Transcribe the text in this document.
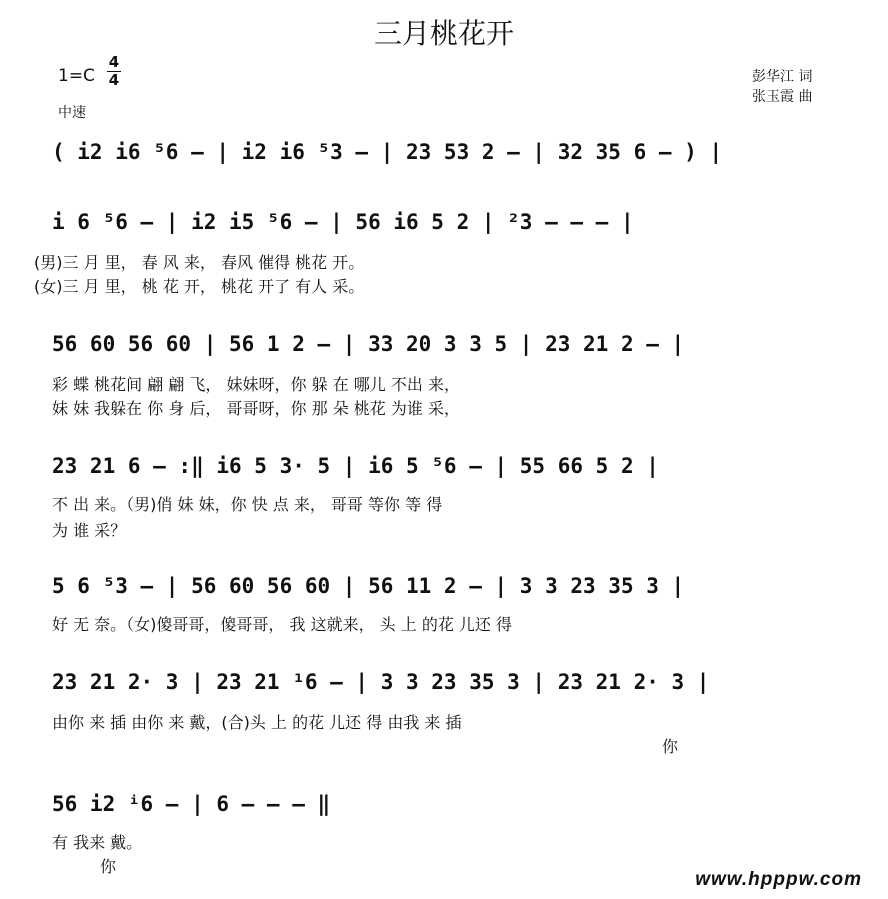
三月桃花开
1=C
4
4
中速
彭华江 词
张玉霞 曲
( i2 i6 ⁵6 – | i2 i6 ⁵3 – | 23 53 2 – | 32 35 6 – ) |
i 6 ⁵6 – | i2 i5 ⁵6 – | 56 i6 5 2 | ²3 – – – |
(男)三 月 里， 春 风 来， 春风 催得 桃花 开。
(女)三 月 里， 桃 花 开， 桃花 开了 有人 采。
56 60 56 60 | 56 1 2 – | 33 20 3 3 5 | 23 21 2 – |
彩 蝶 桃花间 翩 翩 飞， 妹妹呀，你 躲 在 哪儿 不出 来，
妹 妹 我躲在 你 身 后， 哥哥呀，你 那 朵 桃花 为谁 采，
23 21 6 – :‖ i6 5 3· 5 | i6 5 ⁵6 – | 55 66 5 2 |
不 出 来。（男)俏 妹 妹，你 快 点 来， 哥哥 等你 等 得
为 谁 采？
5 6 ⁵3 – | 56 60 56 60 | 56 11 2 – | 3 3 23 35 3 |
好 无 奈。（女)傻哥哥，傻哥哥， 我 这就来， 头 上 的花 儿还 得
23 21 2· 3 | 23 21 ¹6 – | 3 3 23 35 3 | 23 21 2· 3 |
由你 来 插 由你 来 戴，(合)头 上 的花 儿还 得 由我 来 插
你
56 i2 ⁱ6 – | 6 – – – ‖
有 我来 戴。
你
www.hpppw.com
